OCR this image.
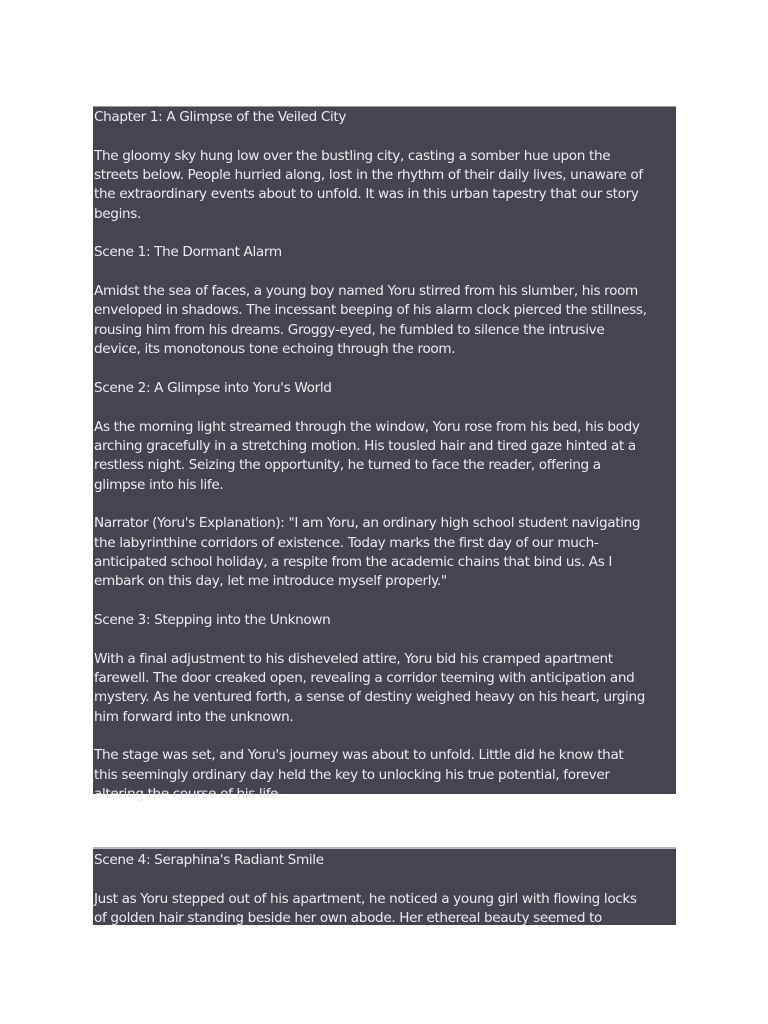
Chapter 1: A Glimpse of the Veiled City
The gloomy sky hung low over the bustling city, casting a somber hue upon the
streets below. People hurried along, lost in the rhythm of their daily lives, unaware of
the extraordinary events about to unfold. It was in this urban tapestry that our story
begins.
Scene 1: The Dormant Alarm
Amidst the sea of faces, a young boy named Yoru stirred from his slumber, his room
enveloped in shadows. The incessant beeping of his alarm clock pierced the stillness,
rousing him from his dreams. Groggy-eyed, he fumbled to silence the intrusive
device, its monotonous tone echoing through the room.
Scene 2: A Glimpse into Yoru's World
As the morning light streamed through the window, Yoru rose from his bed, his body
arching gracefully in a stretching motion. His tousled hair and tired gaze hinted at a
restless night. Seizing the opportunity, he turned to face the reader, offering a
glimpse into his life.
Narrator (Yoru's Explanation): "I am Yoru, an ordinary high school student navigating
the labyrinthine corridors of existence. Today marks the first day of our much-
anticipated school holiday, a respite from the academic chains that bind us. As I
embark on this day, let me introduce myself properly."
Scene 3: Stepping into the Unknown
With a final adjustment to his disheveled attire, Yoru bid his cramped apartment
farewell. The door creaked open, revealing a corridor teeming with anticipation and
mystery. As he ventured forth, a sense of destiny weighed heavy on his heart, urging
him forward into the unknown.
The stage was set, and Yoru's journey was about to unfold. Little did he know that
this seemingly ordinary day held the key to unlocking his true potential, forever
altering the course of his life.
Scene 4: Seraphina's Radiant Smile
Just as Yoru stepped out of his apartment, he noticed a young girl with flowing locks
of golden hair standing beside her own abode. Her ethereal beauty seemed to
